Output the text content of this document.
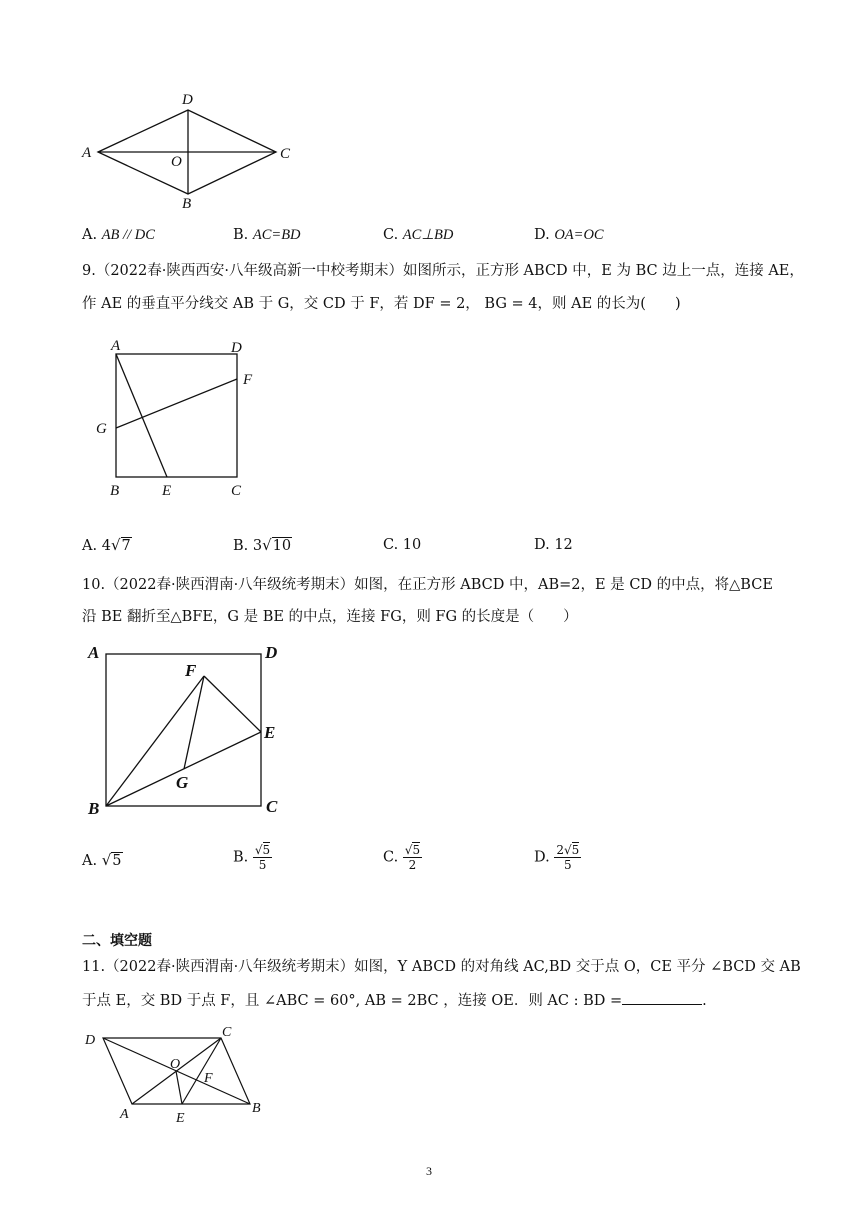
D
A
O	C
B
A. AB // DC	B. AC=BD	C. AC⊥BD	D. OA=OC
9.（2022春·陕西西安·八年级高新一中校考期末）如图所示，正方形 ABCD 中，E 为 BC 边上一点，连接 AE，
作 AE 的垂直平分线交 AB 于 G，交 CD 于 F，若 DF = 2， BG = 4，则 AE 的长为(　　)
A	D
F
G
B	E	C
A. 4√7	B. 3√10	C. 10	D. 12
10.（2022春·陕西渭南·八年级统考期末）如图，在正方形 ABCD 中，AB=2，E 是 CD 的中点，将△BCE
沿 BE 翻折至△BFE，G 是 BE 的中点，连接 FG，则 FG 的长度是（　　）
A	D
F
E
G
B	C
A. √5	B. $\frac{√5}{5}$	C. $\frac{√5}{2}$	D. $\frac{2√5}{5}$
二、填空题
11.（2022春·陕西渭南·八年级统考期末）如图，Y ABCD 的对角线 AC,BD 交于点 O，CE 平分 ∠BCD 交 AB
于点 E，交 BD 于点 F，且 ∠ABC = 60°, AB = 2BC ，连接 OE．则 AC : BD =	.
D
C
O
F
A	E
B
3
